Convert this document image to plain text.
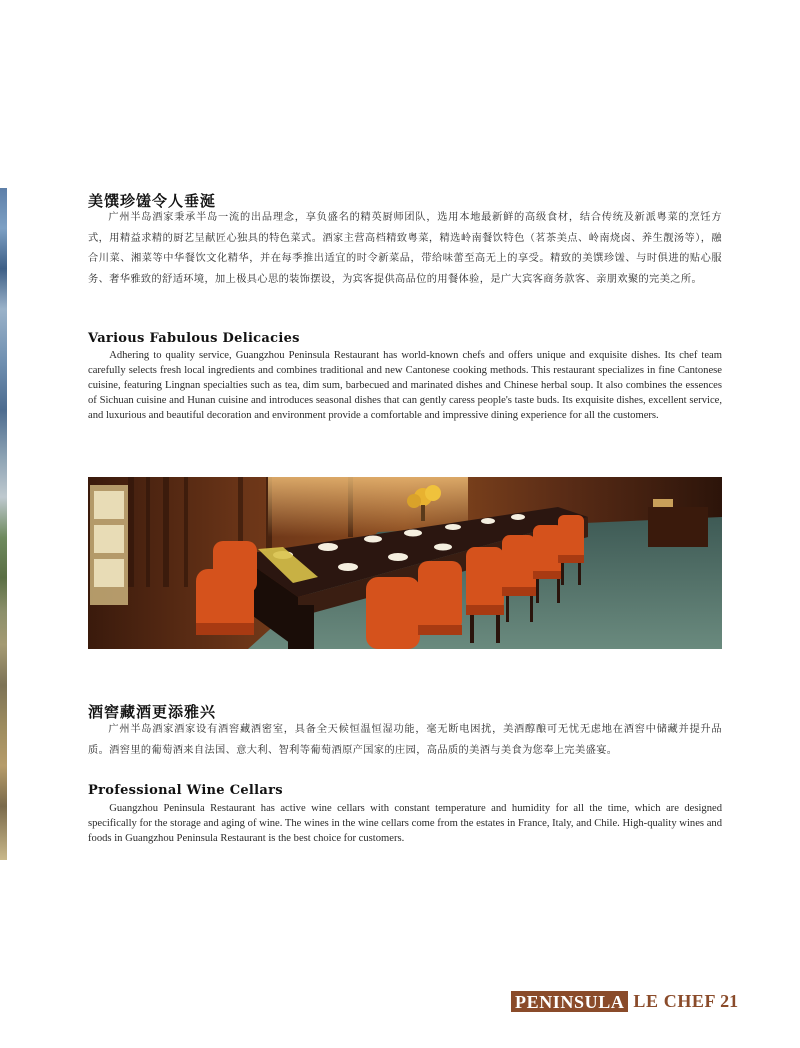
美馔珍馐令人垂涎

广州半岛酒家秉承半岛一流的出品理念，享负盛名的精英厨师团队，选用本地最新鲜的高级食材，结合传统及新派粤菜的烹饪方式，用精益求精的厨艺呈献匠心独具的特色菜式。酒家主营高档精致粤菜，精选岭南餐饮特色（茗茶美点、岭南烧卤、养生靓汤等），融合川菜、湘菜等中华餐饮文化精华，并在每季推出适宜的时令新菜品，带给味蕾至高无上的享受。精致的美馔珍馐、与时俱进的贴心服务、奢华雅致的舒适环境，加上极具心思的装饰摆设，为宾客提供高品位的用餐体验，是广大宾客商务款客、亲朋欢聚的完美之所。

Various Fabulous Delicacies

Adhering to quality service, Guangzhou Peninsula Restaurant has world-known chefs and offers unique and exquisite dishes. Its chef team carefully selects fresh local ingredients and combines traditional and new Cantonese cooking methods. This restaurant specializes in fine Cantonese cuisine, featuring Lingnan specialties such as tea, dim sum, barbecued and marinated dishes and Chinese herbal soup. It also combines the essences of Sichuan cuisine and Hunan cuisine and introduces seasonal dishes that can gently caress people's taste buds. Its exquisite dishes, excellent service, and luxurious and beautiful decoration and environment provide a comfortable and impressive dining experience for all the customers.

酒窖藏酒更添雅兴

广州半岛酒家酒家设有酒窖藏酒密室，具备全天候恒温恒湿功能，毫无断电困扰，美酒醇酿可无忧无虑地在酒窖中储藏并提升品质。酒窖里的葡萄酒来自法国、意大利、智利等葡萄酒原产国家的庄园，高品质的美酒与美食为您奉上完美盛宴。

Professional Wine Cellars

Guangzhou Peninsula Restaurant has active wine cellars with constant temperature and humidity for all the time, which are designed specifically for the storage and aging of wine. The wines in the wine cellars come from the estates in France, Italy, and Chile. High-quality wines and foods in Guangzhou Peninsula Restaurant is the best choice for customers.

PENINSULA LE CHEF 21
